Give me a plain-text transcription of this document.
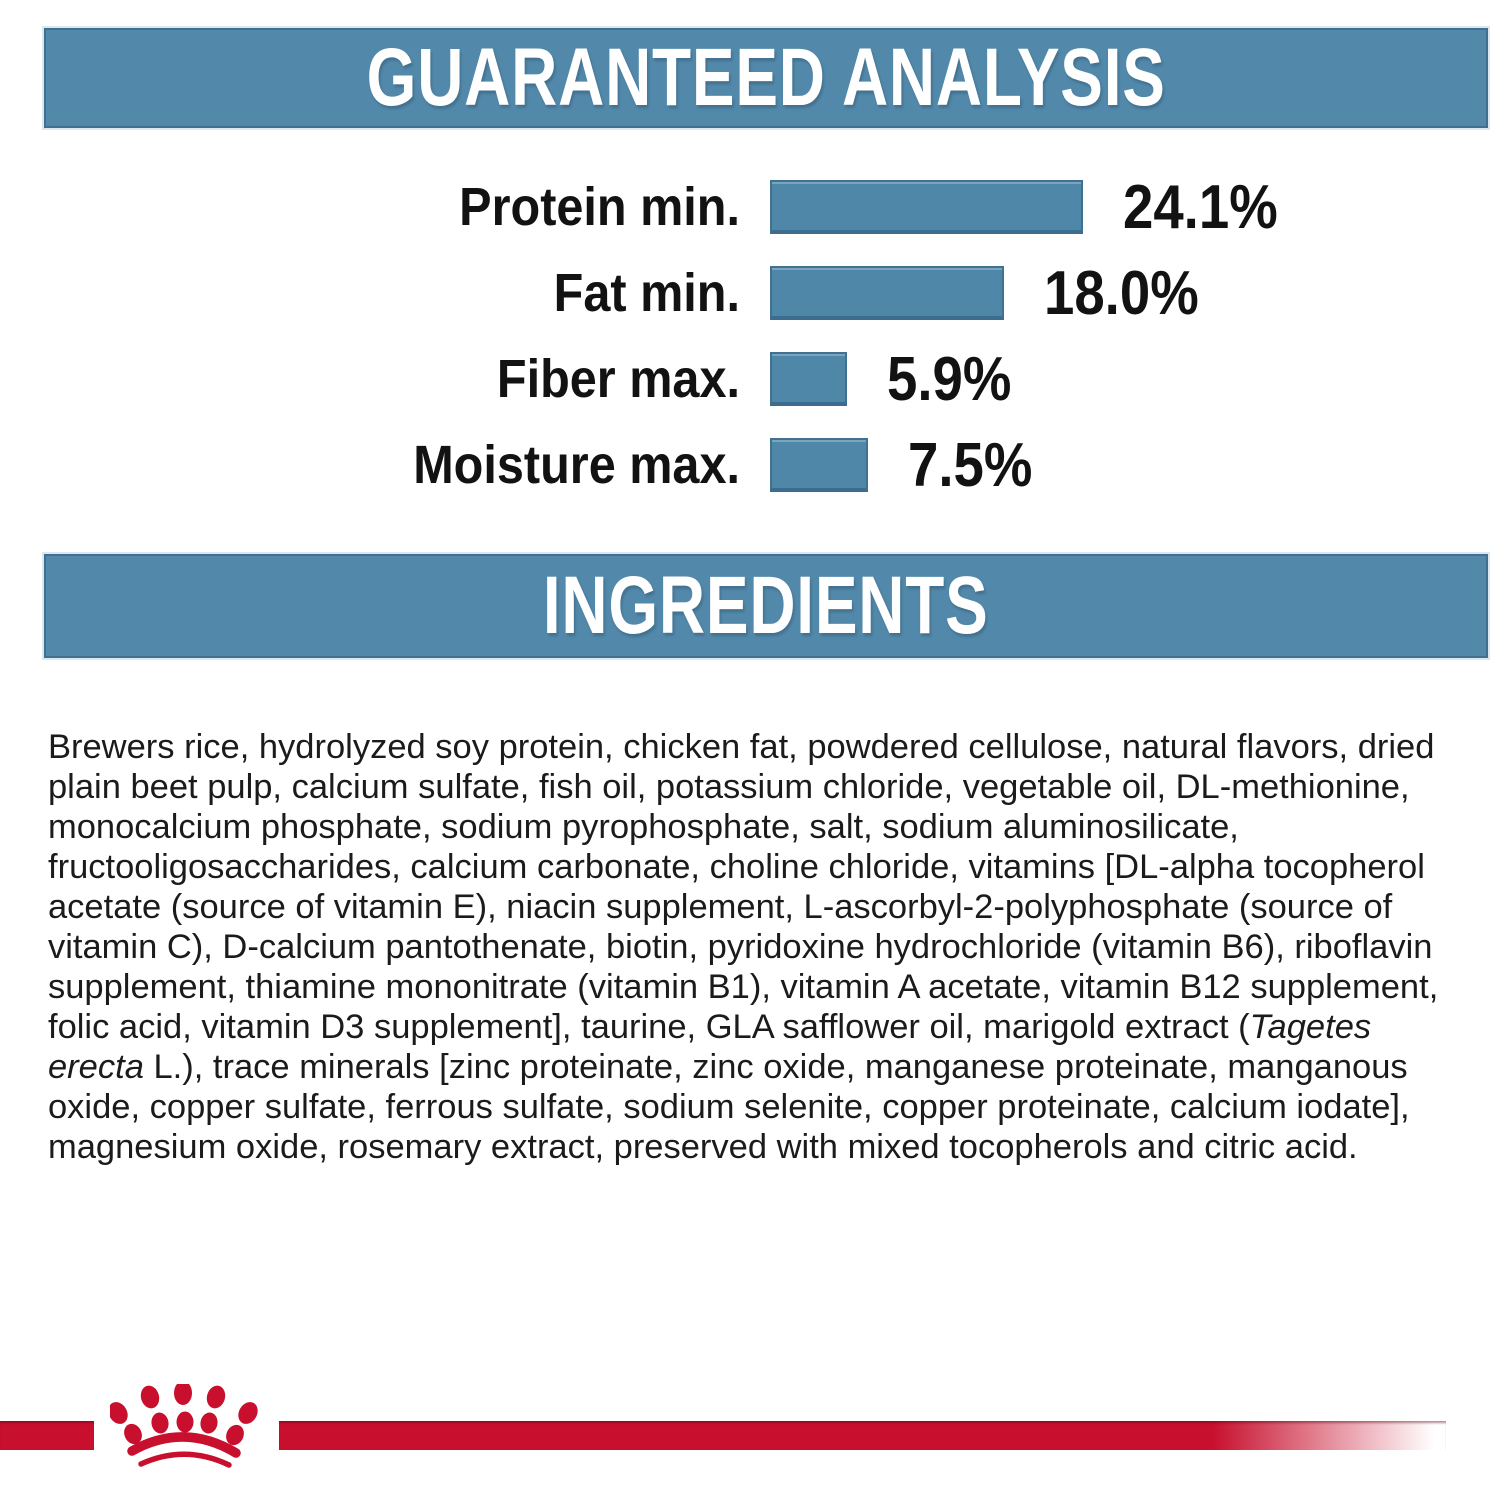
GUARANTEED ANALYSIS
Protein min.	24.1%
Fat min.	18.0%
Fiber max. 5.9%
Moisture max.	7.5%
INGREDIENTS

Brewers rice, hydrolyzed soy protein, chicken fat, powdered cellulose, natural flavors, dried plain beet pulp, calcium sulfate, fish oil, potassium chloride, vegetable oil, DL-methionine, monocalcium phosphate, sodium pyrophosphate, salt, sodium aluminosilicate, fructooligosaccharides, calcium carbonate, choline chloride, vitamins [DL-alpha tocopherol acetate (source of vitamin E), niacin supplement, L-ascorbyl-2-polyphosphate (source of vitamin C), D-calcium pantothenate, biotin, pyridoxine hydrochloride (vitamin B6), riboflavin supplement, thiamine mononitrate (vitamin B1), vitamin A acetate, vitamin B12 supplement, folic acid, vitamin D3 supplement], taurine, GLA safflower oil, marigold extract (Tagetes erecta L.), trace minerals [zinc proteinate, zinc oxide, manganese proteinate, manganous oxide, copper sulfate, ferrous sulfate, sodium selenite, copper proteinate, calcium iodate], magnesium oxide, rosemary extract, preserved with mixed tocopherols and citric acid.
